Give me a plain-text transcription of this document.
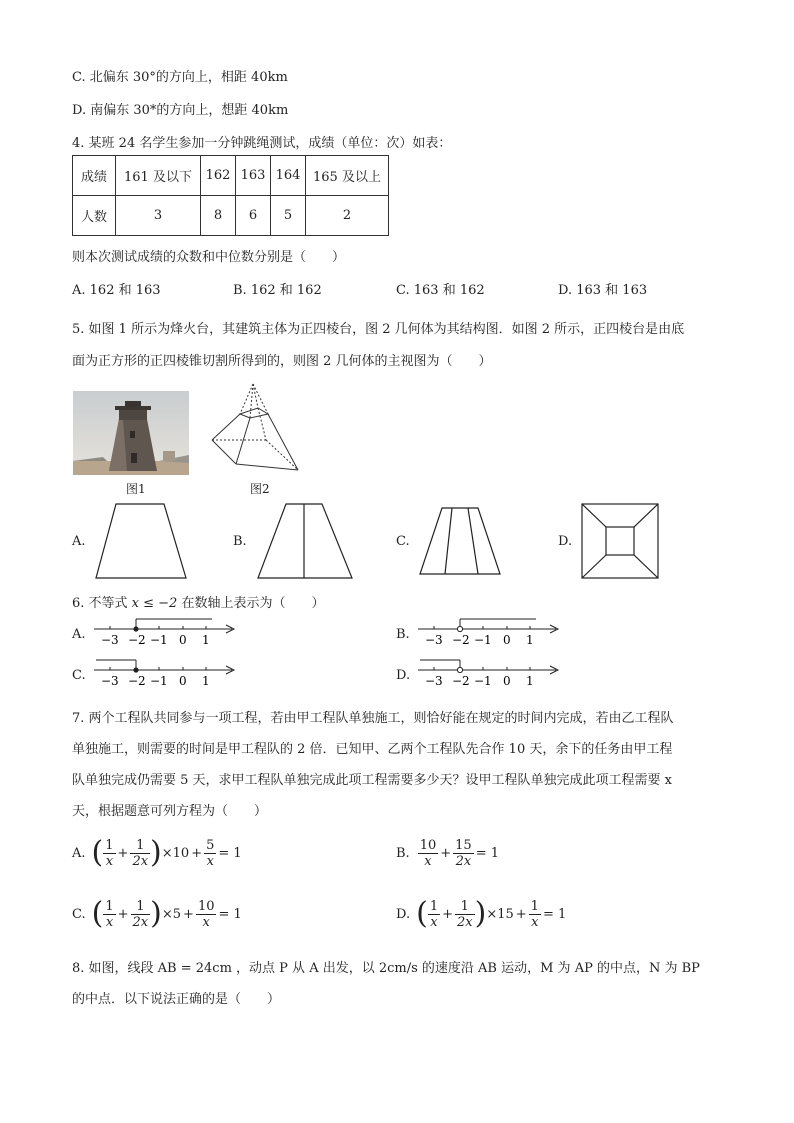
C. 北偏东 30°的方向上，相距 40km
D. 南偏东 30*的方向上，想距 40km
4. 某班 24 名学生参加一分钟跳绳测试，成绩（单位：次）如表：
成绩	161 及以下	162	163	164	165 及以上
人数	3	8	6	5	2
则本次测试成绩的众数和中位数分别是（　　）
A. 162 和 163	B. 162 和 162	C. 163 和 162	D. 163 和 163
5. 如图 1 所示为烽火台，其建筑主体为正四棱台，图 2 几何体为其结构图．如图 2 所示，正四棱台是由底
面为正方形的正四棱锥切割所得到的，则图 2 几何体的主视图为（　　）
图1	图2
A.	B.	C.	D.
6. 不等式 x ≤ −2 在数轴上表示为（　　）
A. −3 −2 −1 0 1	B. −3 −2 −1 0 1
C. −3 −2 −1 0 1	D. −3 −2 −1 0 1
7. 两个工程队共同参与一项工程，若由甲工程队单独施工，则恰好能在规定的时间内完成，若由乙工程队
单独施工，则需要的时间是甲工程队的 2 倍．已知甲、乙两个工程队先合作 10 天，余下的任务由甲工程
队单独完成仍需要 5 天，求甲工程队单独完成此项工程需要多少天？设甲工程队单独完成此项工程需要 x
天，根据题意可列方程为（　　）
A. ( $\frac{1}{x} + \frac{1}{2x}$ ) $\times 10 + \frac{5}{x} = 1$	B. $\frac{10}{x} + \frac{15}{2x} = 1$
C. ( $\frac{1}{x} + \frac{1}{2x}$ ) $\times 5 + \frac{10}{x} = 1$	D. ( $\frac{1}{x} + \frac{1}{2x}$ ) $\times 15 + \frac{1}{x} = 1$
8. 如图，线段 AB = 24cm ，动点 P 从 A 出发，以 2cm/s 的速度沿 AB 运动，M 为 AP 的中点，N 为 BP
的中点．以下说法正确的是（　　）
